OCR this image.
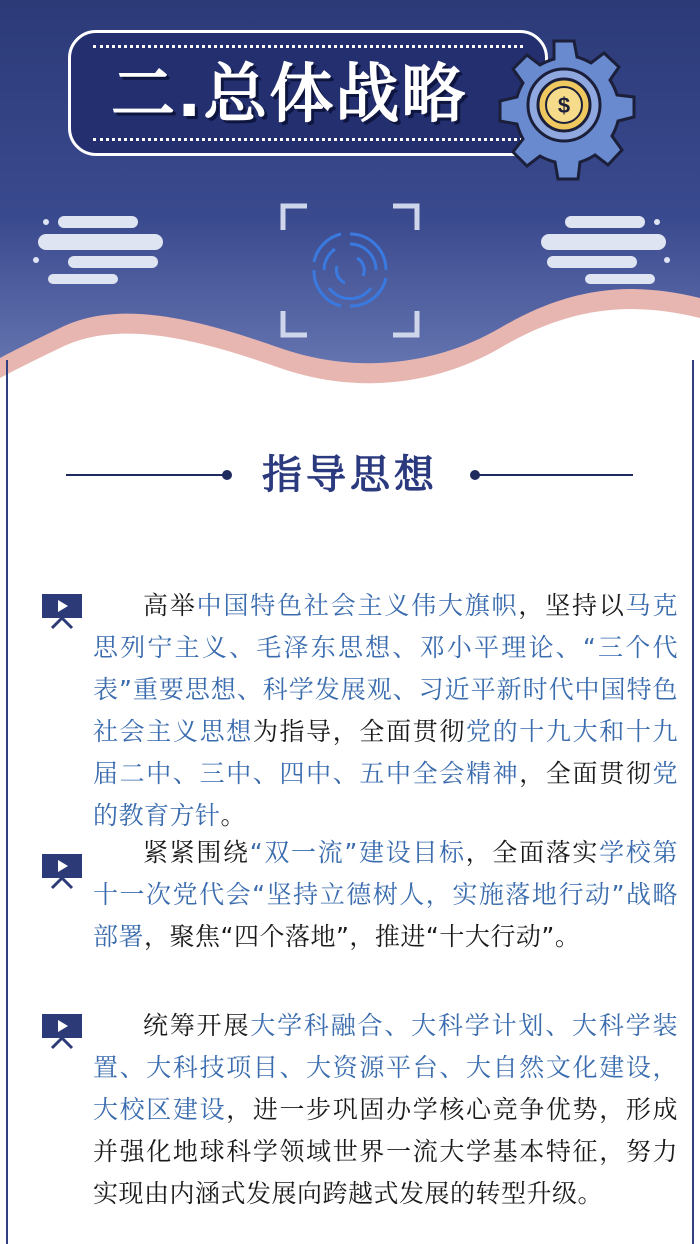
二.总体战略	$
指导思想
高举中国特色社会主义伟大旗帜，坚持以马克思列宁主义、毛泽东思想、邓小平理论、“三个代表”重要思想、科学发展观、习近平新时代中国特色社会主义思想为指导，全面贯彻党的十九大和十九届二中、三中、四中、五中全会精神，全面贯彻党的教育方针。
紧紧围绕“双一流”建设目标，全面落实学校第十一次党代会“坚持立德树人，实施落地行动”战略部署，聚焦“四个落地”，推进“十大行动”。
统筹开展大学科融合、大科学计划、大科学装置、大科技项目、大资源平台、大自然文化建设，大校区建设，进一步巩固办学核心竞争优势，形成并强化地球科学领域世界一流大学基本特征，努力实现由内涵式发展向跨越式发展的转型升级。
